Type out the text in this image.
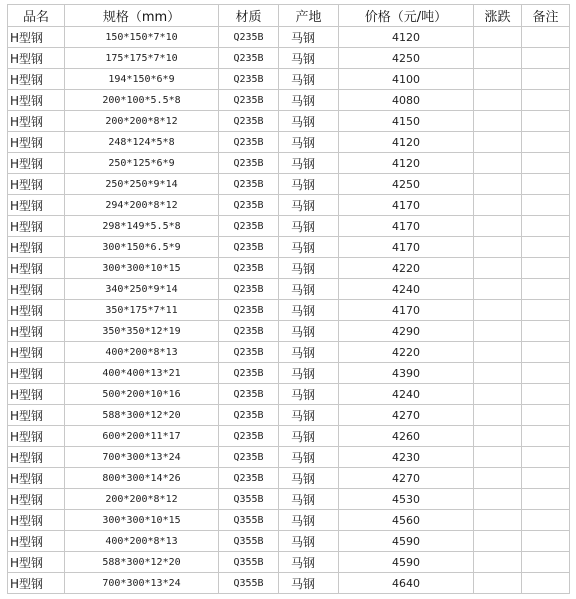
品名	规格（mm）	材质	产地	价格（元/吨）	涨跌	备注
H型钢	150*150*7*10	Q235B	马钢	4120		
H型钢	175*175*7*10	Q235B	马钢	4250		
H型钢	194*150*6*9	Q235B	马钢	4100		
H型钢	200*100*5.5*8	Q235B	马钢	4080		
H型钢	200*200*8*12	Q235B	马钢	4150		
H型钢	248*124*5*8	Q235B	马钢	4120		
H型钢	250*125*6*9	Q235B	马钢	4120		
H型钢	250*250*9*14	Q235B	马钢	4250		
H型钢	294*200*8*12	Q235B	马钢	4170		
H型钢	298*149*5.5*8	Q235B	马钢	4170		
H型钢	300*150*6.5*9	Q235B	马钢	4170		
H型钢	300*300*10*15	Q235B	马钢	4220		
H型钢	340*250*9*14	Q235B	马钢	4240		
H型钢	350*175*7*11	Q235B	马钢	4170		
H型钢	350*350*12*19	Q235B	马钢	4290		
H型钢	400*200*8*13	Q235B	马钢	4220		
H型钢	400*400*13*21	Q235B	马钢	4390		
H型钢	500*200*10*16	Q235B	马钢	4240		
H型钢	588*300*12*20	Q235B	马钢	4270		
H型钢	600*200*11*17	Q235B	马钢	4260		
H型钢	700*300*13*24	Q235B	马钢	4230		
H型钢	800*300*14*26	Q235B	马钢	4270		
H型钢	200*200*8*12	Q355B	马钢	4530		
H型钢	300*300*10*15	Q355B	马钢	4560		
H型钢	400*200*8*13	Q355B	马钢	4590		
H型钢	588*300*12*20	Q355B	马钢	4590		
H型钢	700*300*13*24	Q355B	马钢	4640		
